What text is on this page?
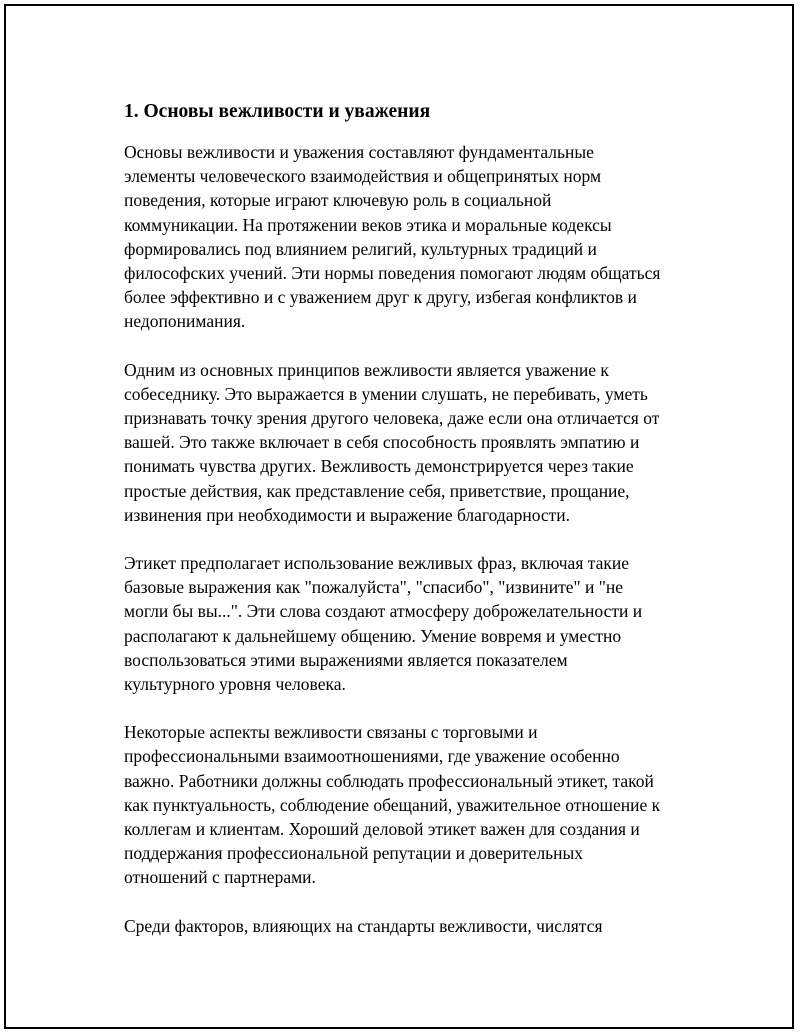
1. Основы вежливости и уважения

Основы вежливости и уважения составляют фундаментальные
элементы человеческого взаимодействия и общепринятых норм
поведения, которые играют ключевую роль в социальной
коммуникации. На протяжении веков этика и моральные кодексы
формировались под влиянием религий, культурных традиций и
философских учений. Эти нормы поведения помогают людям общаться
более эффективно и с уважением друг к другу, избегая конфликтов и
недопонимания.

Одним из основных принципов вежливости является уважение к
собеседнику. Это выражается в умении слушать, не перебивать, уметь
признавать точку зрения другого человека, даже если она отличается от
вашей. Это также включает в себя способность проявлять эмпатию и
понимать чувства других. Вежливость демонстрируется через такие
простые действия, как представление себя, приветствие, прощание,
извинения при необходимости и выражение благодарности.

Этикет предполагает использование вежливых фраз, включая такие
базовые выражения как "пожалуйста", "спасибо", "извините" и "не
могли бы вы...". Эти слова создают атмосферу доброжелательности и
располагают к дальнейшему общению. Умение вовремя и уместно
воспользоваться этими выражениями является показателем
культурного уровня человека.

Некоторые аспекты вежливости связаны с торговыми и
профессиональными взаимоотношениями, где уважение особенно
важно. Работники должны соблюдать профессиональный этикет, такой
как пунктуальность, соблюдение обещаний, уважительное отношение к
коллегам и клиентам. Хороший деловой этикет важен для создания и
поддержания профессиональной репутации и доверительных
отношений с партнерами.

Среди факторов, влияющих на стандарты вежливости, числятся
